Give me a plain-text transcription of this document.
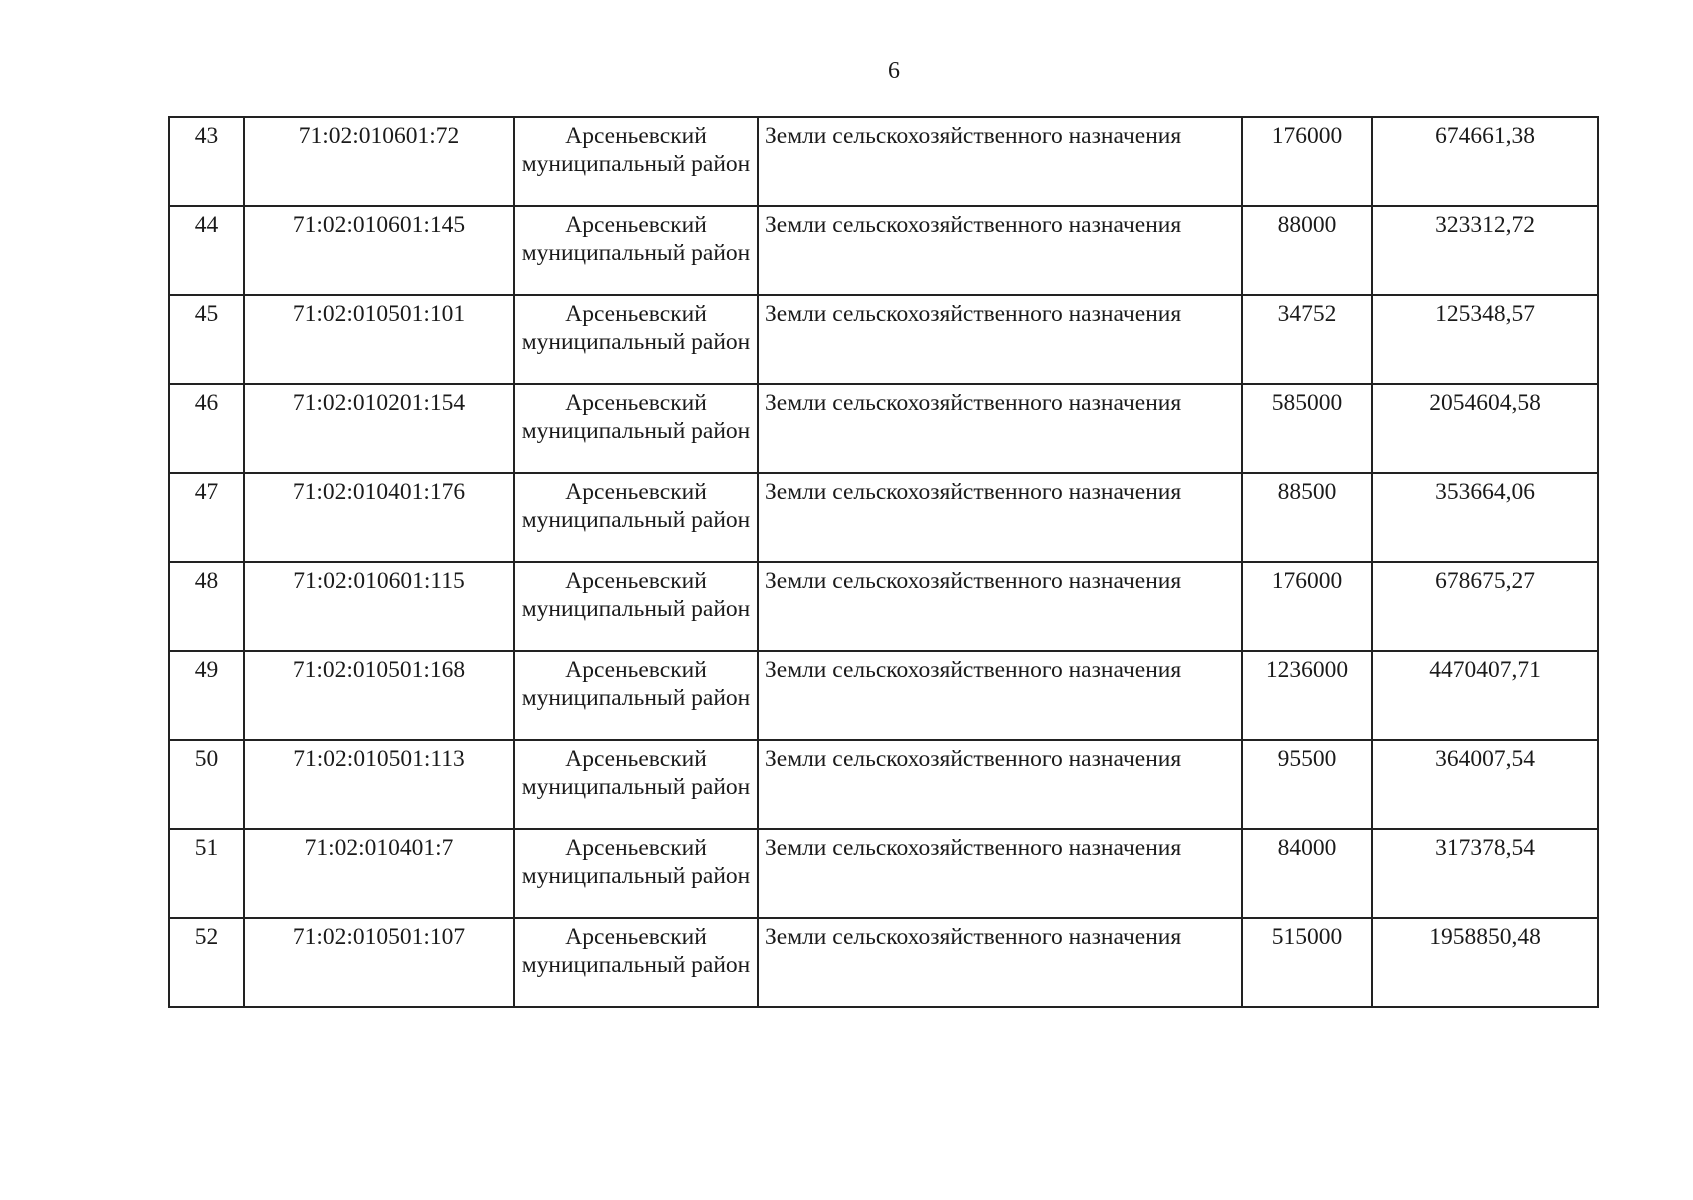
6
43	71:02:010601:72	Арсеньевский муниципальный район	Земли сельскохозяйственного назначения	176000	674661,38
44	71:02:010601:145	Арсеньевский муниципальный район	Земли сельскохозяйственного назначения	88000	323312,72
45	71:02:010501:101	Арсеньевский муниципальный район	Земли сельскохозяйственного назначения	34752	125348,57
46	71:02:010201:154	Арсеньевский муниципальный район	Земли сельскохозяйственного назначения	585000	2054604,58
47	71:02:010401:176	Арсеньевский муниципальный район	Земли сельскохозяйственного назначения	88500	353664,06
48	71:02:010601:115	Арсеньевский муниципальный район	Земли сельскохозяйственного назначения	176000	678675,27
49	71:02:010501:168	Арсеньевский муниципальный район	Земли сельскохозяйственного назначения	1236000	4470407,71
50	71:02:010501:113	Арсеньевский муниципальный район	Земли сельскохозяйственного назначения	95500	364007,54
51	71:02:010401:7	Арсеньевский муниципальный район	Земли сельскохозяйственного назначения	84000	317378,54
52	71:02:010501:107	Арсеньевский муниципальный район	Земли сельскохозяйственного назначения	515000	1958850,48
